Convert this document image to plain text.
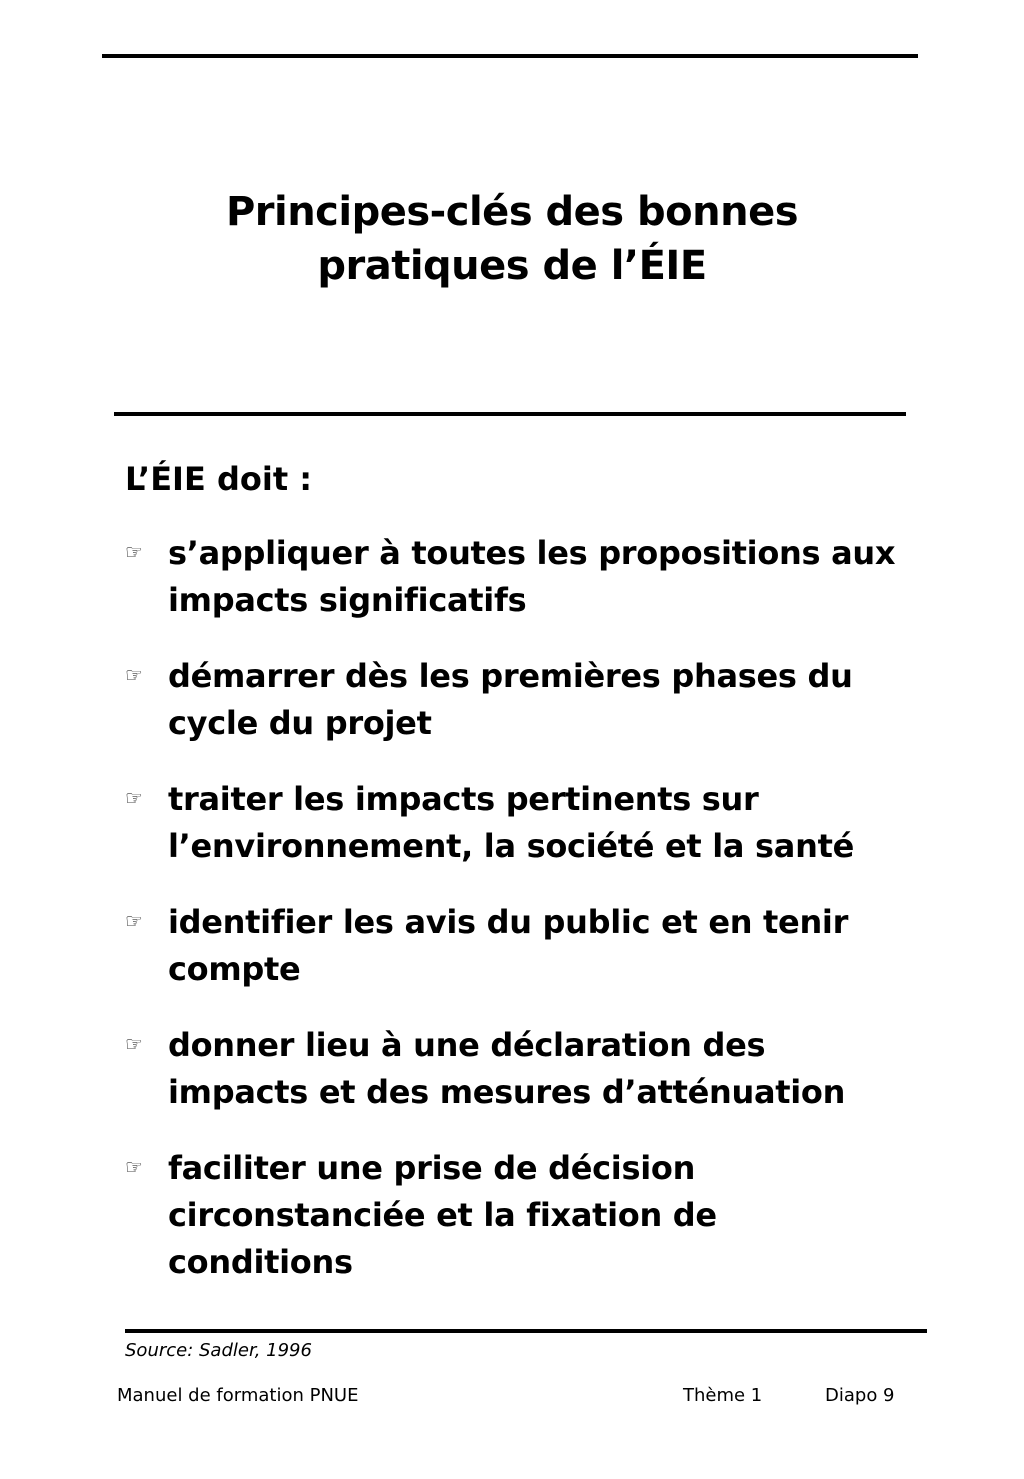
Principes-clés des bonnes
pratiques de l’ÉIE
L’ÉIE doit :
☞ s’appliquer à toutes les propositions aux
impacts significatifs
☞ démarrer dès les premières phases du
cycle du projet
☞ traiter les impacts pertinents sur
l’environnement, la société et la santé
☞ identifier les avis du public et en tenir
compte
☞ donner lieu à une déclaration des
impacts et des mesures d’atténuation
☞ faciliter une prise de décision
circonstanciée et la fixation de
conditions
Source: Sadler, 1996
Manuel de formation PNUE	Thème 1	Diapo 9
